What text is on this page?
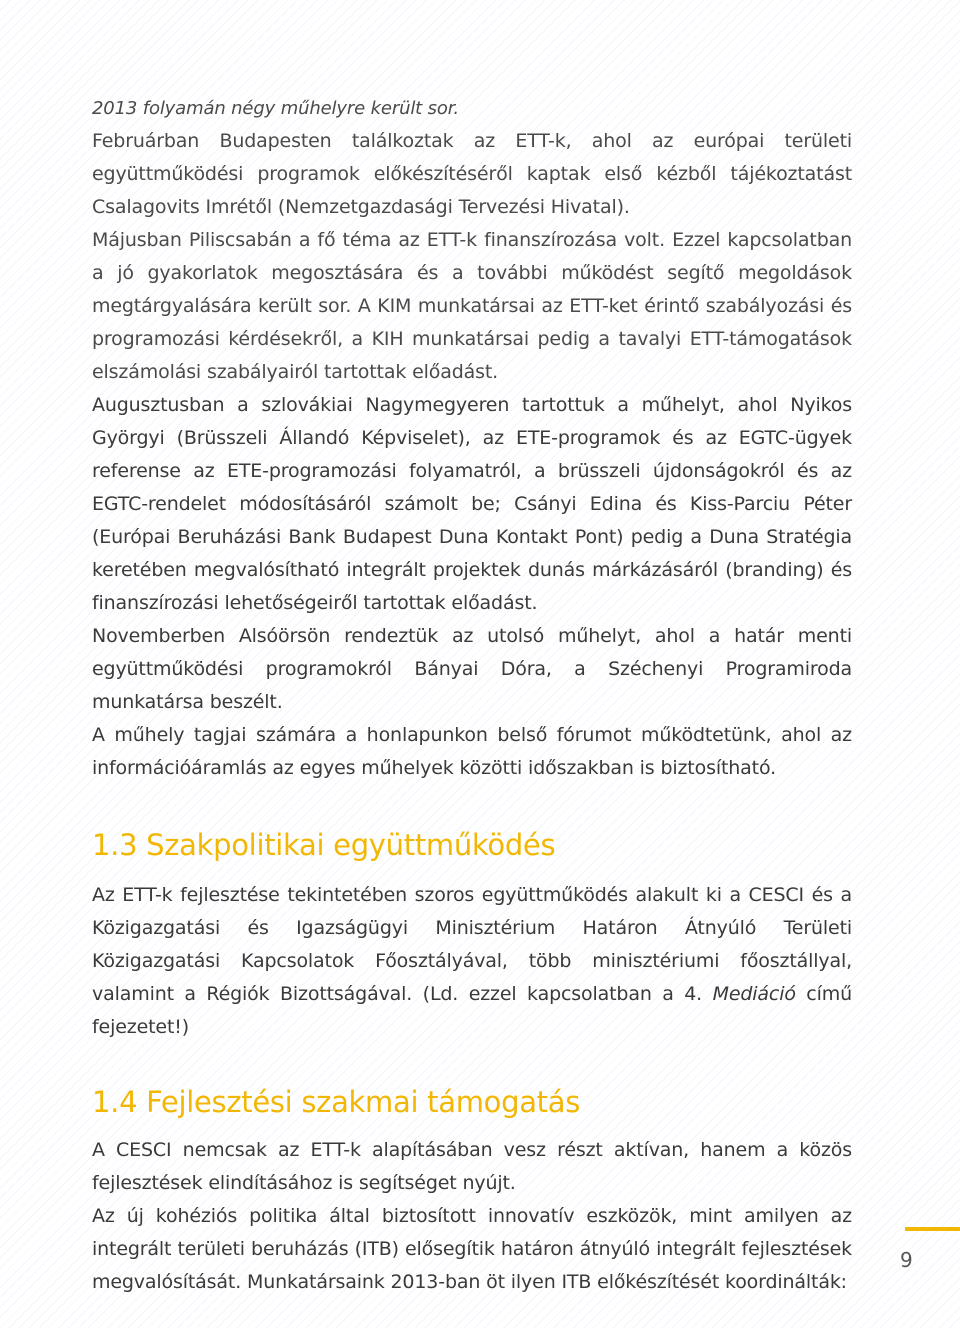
2013 folyamán négy műhelyre került sor.

Februárban Budapesten találkoztak az ETT-k, ahol az európai területi együttműködési programok előkészítéséről kaptak első kézből tájékoztatást Csalagovits Imrétől (Nemzetgazdasági Tervezési Hivatal).

Májusban Piliscsabán a fő téma az ETT-k finanszírozása volt. Ezzel kapcsolatban a jó gyakorlatok megosztására és a további működést segítő megoldások megtárgyalására került sor. A KIM munkatársai az ETT-ket érintő szabályozási és programozási kérdésekről, a KIH munkatársai pedig a tavalyi ETT-támogatások elszámolási szabályairól tartottak előadást.

Augusztusban a szlovákiai Nagymegyeren tartottuk a műhelyt, ahol Nyikos Györgyi (Brüsszeli Állandó Képviselet), az ETE-programok és az EGTC-ügyek referense az ETE-programozási folyamatról, a brüsszeli újdonságokról és az EGTC-rendelet módosításáról számolt be; Csányi Edina és Kiss-Parciu Péter (Európai Beruházási Bank Budapest Duna Kontakt Pont) pedig a Duna Stratégia keretében megvalósítható integrált projektek dunás márkázásáról (branding) és finanszírozási lehetőségeiről tartottak előadást.

Novemberben Alsóörsön rendeztük az utolsó műhelyt, ahol a határ menti együttműködési programokról Bányai Dóra, a Széchenyi Programiroda munkatársa beszélt.

A műhely tagjai számára a honlapunkon belső fórumot működtetünk, ahol az információáramlás az egyes műhelyek közötti időszakban is biztosítható.

1.3 Szakpolitikai együttműködés

Az ETT-k fejlesztése tekintetében szoros együttműködés alakult ki a CESCI és a Közigazgatási és Igazságügyi Minisztérium Határon Átnyúló Területi Közigazgatási Kapcsolatok Főosztályával, több minisztériumi főosztállyal, valamint a Régiók Bizottságával. (Ld. ezzel kapcsolatban a 4. Mediáció című fejezetet!)

1.4 Fejlesztési szakmai támogatás

A CESCI nemcsak az ETT-k alapításában vesz részt aktívan, hanem a közös fejlesztések elindításához is segítséget nyújt.

Az új kohéziós politika által biztosított innovatív eszközök, mint amilyen az integrált területi beruházás (ITB) elősegítik határon átnyúló integrált fejlesztések megvalósítását. Munkatársaink 2013-ban öt ilyen ITB előkészítését koordinálták:

9
